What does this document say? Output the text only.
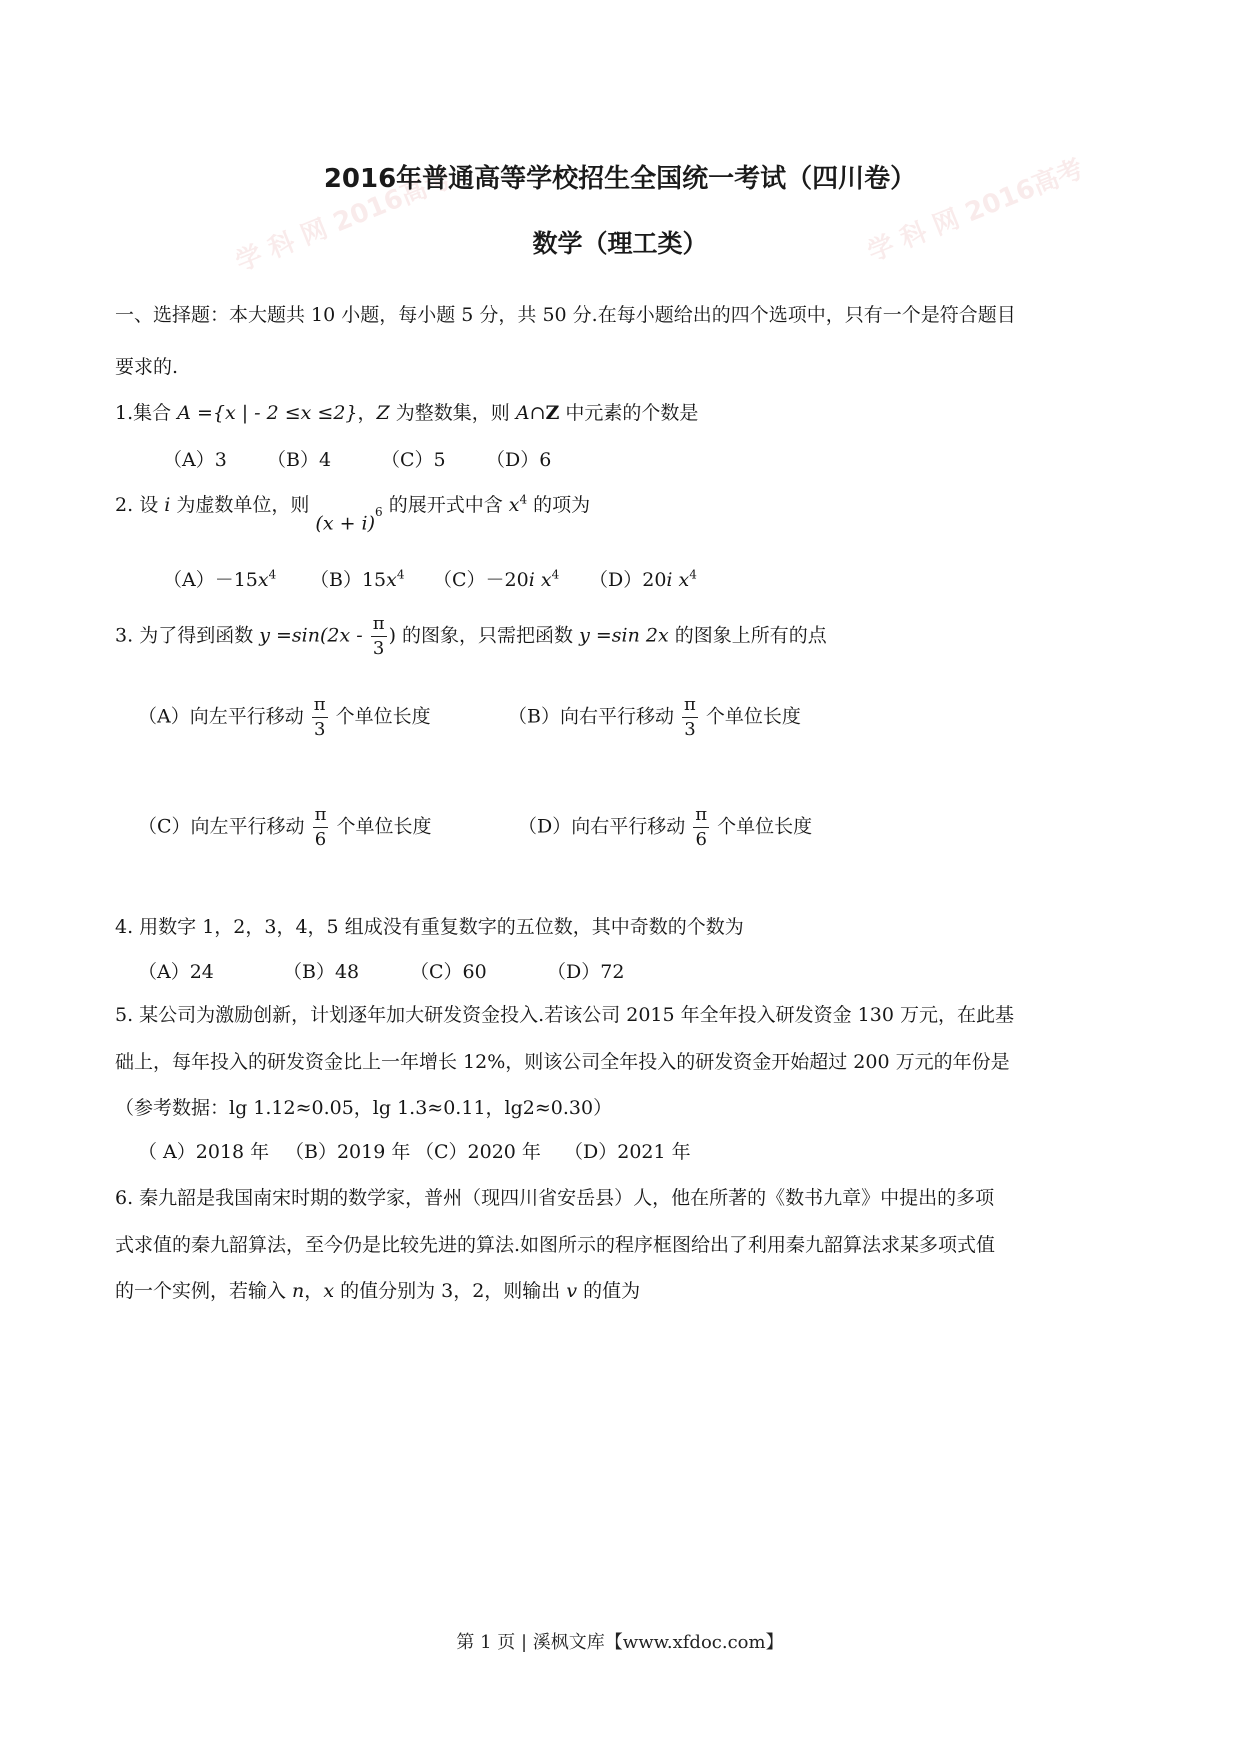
学 科 网 2016高考	学 科 网 2016高考
2016年普通高等学校招生全国统一考试（四川卷）
数学（理工类）
一、选择题：本大题共 10 小题，每小题 5 分，共 50 分.在每小题给出的四个选项中，只有一个是符合题目
要求的.
1.集合 A ={x | - 2 ≤x ≤2}，Z 为整数集，则 A∩Z 中元素的个数是
（A）3 （B）4	（C）5 （D）6
2. 设 i 为虚数单位，则 $(x + i)^6$ 的展开式中含 $x^4$ 的项为
$(A)-15x^4$ $(B)15x^4$ （C）－20i $x^4$ （D）20i $x^4$
3. 为了得到函数 $y =\sin(2x - \frac{\pi}{3}$ ) 的图象，只需把函数 y =sin 2x 的图象上所有的点
（A）向左平行移动 $\frac{\pi}{3}$ 个单位长度	（B）向右平行移动 $\frac{\pi}{3}$ 个单位长度
（C）向左平行移动 $\frac{\pi}{6}$ 个单位长度	（D）向右平行移动 $\frac{\pi}{6}$ 个单位长度
4. 用数字 1，2，3，4，5 组成没有重复数字的五位数，其中奇数的个数为
（A）24	（B）48	（C）60	（D）72
5. 某公司为激励创新，计划逐年加大研发资金投入.若该公司 2015 年全年投入研发资金 130 万元，在此基
础上，每年投入的研发资金比上一年增长 12%，则该公司全年投入的研发资金开始超过 200 万元的年份是
（参考数据：lg 1.12≈0.05，lg 1.3≈0.11，lg2≈0.30）
（ A）2018 年 （B）2019 年 （C）2020 年 （D）2021 年
6. 秦九韶是我国南宋时期的数学家，普州（现四川省安岳县）人，他在所著的《数书九章》中提出的多项
式求值的秦九韶算法，至今仍是比较先进的算法.如图所示的程序框图给出了利用秦九韶算法求某多项式值
的一个实例，若输入 n，x 的值分别为 3，2，则输出 v 的值为
第 1 页 | 溪枫文库【www.xfdoc.com】
